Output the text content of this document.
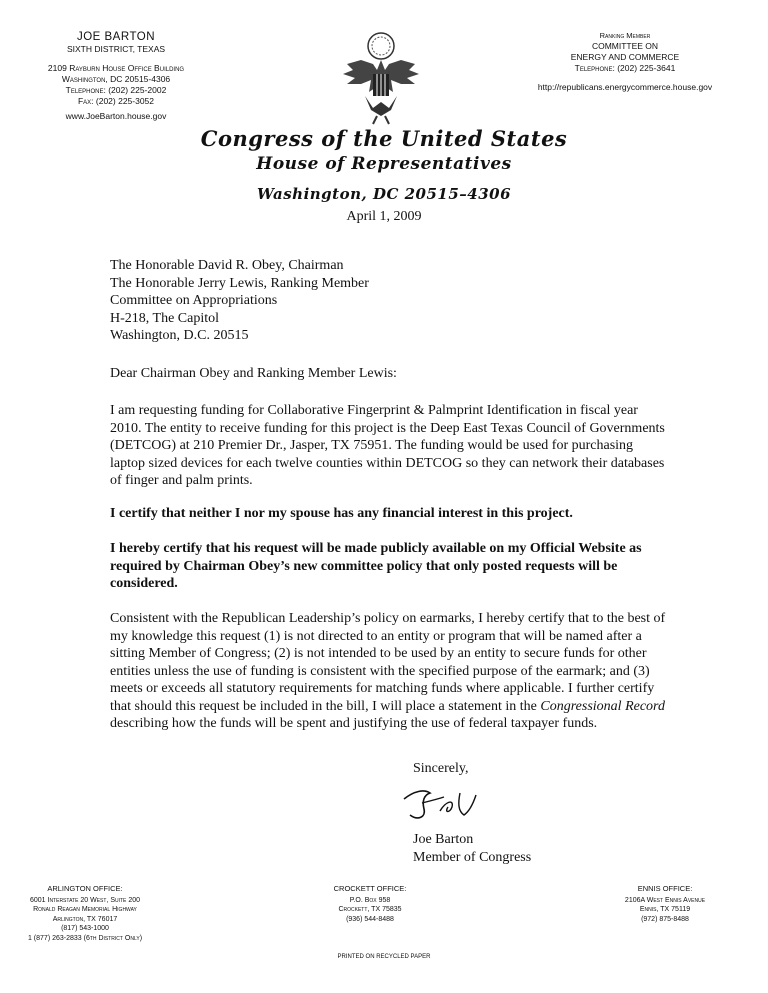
JOE BARTON
SIXTH DISTRICT, TEXAS
2109 Rayburn House Office Building
Washington, DC 20515-4306
Telephone: (202) 225-2002
Fax: (202) 225-3052
www.JoeBarton.house.gov
Ranking Member
COMMITTEE ON
ENERGY AND COMMERCE
Telephone: (202) 225-3641
http://republicans.energycommerce.house.gov
Congress of the United States
House of Representatives
Washington, DC 20515–4306
April 1, 2009
The Honorable David R. Obey, Chairman
The Honorable Jerry Lewis, Ranking Member
Committee on Appropriations
H-218, The Capitol
Washington, D.C. 20515
Dear Chairman Obey and Ranking Member Lewis:
I am requesting funding for Collaborative Fingerprint & Palmprint Identification in fiscal year 2010. The entity to receive funding for this project is the Deep East Texas Council of Governments (DETCOG) at 210 Premier Dr., Jasper, TX 75951. The funding would be used for purchasing laptop sized devices for each twelve counties within DETCOG so they can network their databases of finger and palm prints.
I certify that neither I nor my spouse has any financial interest in this project.
I hereby certify that his request will be made publicly available on my Official Website as required by Chairman Obey’s new committee policy that only posted requests will be considered.
Consistent with the Republican Leadership’s policy on earmarks, I hereby certify that to the best of my knowledge this request (1) is not directed to an entity or program that will be named after a sitting Member of Congress; (2) is not intended to be used by an entity to secure funds for other entities unless the use of funding is consistent with the specified purpose of the earmark; and (3) meets or exceeds all statutory requirements for matching funds where applicable. I further certify that should this request be included in the bill, I will place a statement in the Congressional Record describing how the funds will be spent and justifying the use of federal taxpayer funds.
Sincerely,
Joe Barton
Member of Congress
ARLINGTON OFFICE:
6001 Interstate 20 West, Suite 200
Ronald Reagan Memorial Highway
Arlington, TX 76017
(817) 543-1000
1 (877) 263-2833 (6th District Only)
CROCKETT OFFICE:
P.O. Box 958
Crockett, TX 75835
(936) 544-8488
ENNIS OFFICE:
2106A West Ennis Avenue
Ennis, TX 75119
(972) 875-8488
PRINTED ON RECYCLED PAPER
